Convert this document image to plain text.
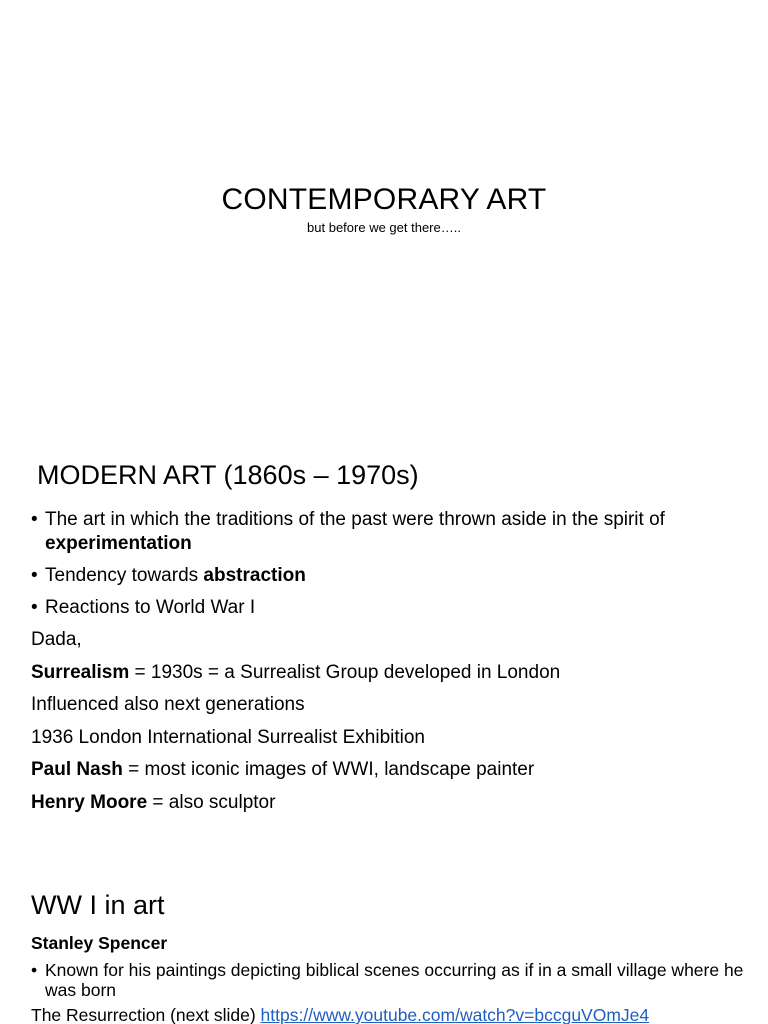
CONTEMPORARY ART
but before we get there…..
MODERN ART (1860s – 1970s)
• The art in which the traditions of the past were thrown aside in the spirit of experimentation
• Tendency towards abstraction
• Reactions to World War I
Dada,
Surrealism = 1930s = a Surrealist Group developed in London
Influenced also next generations
1936 London International Surrealist Exhibition
Paul Nash = most iconic images of WWI, landscape painter
Henry Moore = also sculptor
WW I in art
Stanley Spencer
• Known for his paintings depicting biblical scenes occurring as if in a small village where he was born
The Resurrection (next slide) https://www.youtube.com/watch?v=bccguVOmJe4
